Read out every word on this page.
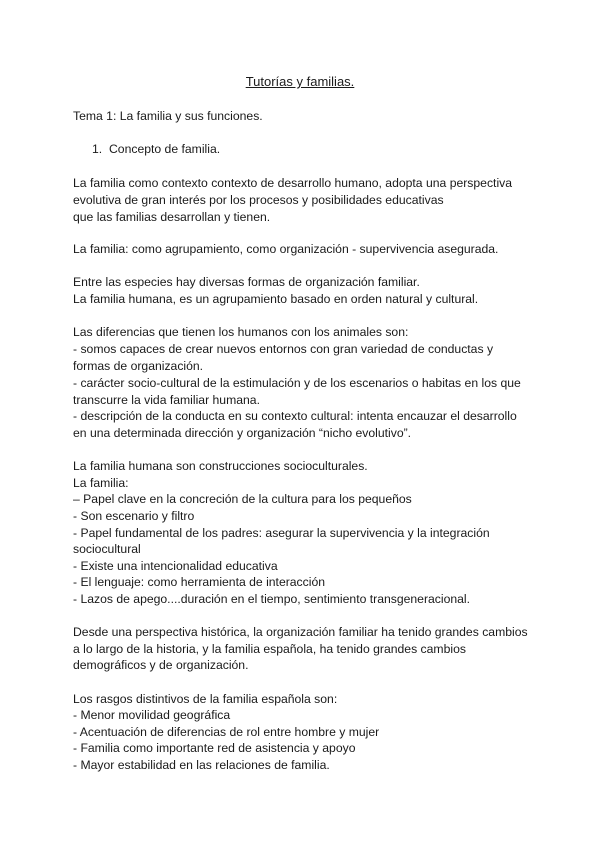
Tutorías y familias.

Tema 1: La familia y sus funciones.

1. Concepto de familia.

La familia como contexto contexto de desarrollo humano, adopta una perspectiva

evolutiva de gran interés por los procesos y posibilidades educativas

que las familias desarrollan y tienen.

La familia: como agrupamiento, como organización - supervivencia asegurada.

Entre las especies hay diversas formas de organización familiar.

La familia humana, es un agrupamiento basado en orden natural y cultural.

Las diferencias que tienen los humanos con los animales son:

- somos capaces de crear nuevos entornos con gran variedad de conductas y

formas de organización.

- carácter socio-cultural de la estimulación y de los escenarios o habitas en los que

transcurre la vida familiar humana.

- descripción de la conducta en su contexto cultural: intenta encauzar el desarrollo

en una determinada dirección y organización “nicho evolutivo”.

La familia humana son construcciones socioculturales.

La familia:

– Papel clave en la concreción de la cultura para los pequeños

- Son escenario y filtro

- Papel fundamental de los padres: asegurar la supervivencia y la integración

sociocultural

- Existe una intencionalidad educativa

- El lenguaje: como herramienta de interacción

- Lazos de apego....duración en el tiempo, sentimiento transgeneracional.

Desde una perspectiva histórica, la organización familiar ha tenido grandes cambios

a lo largo de la historia, y la familia española, ha tenido grandes cambios

demográficos y de organización.

Los rasgos distintivos de la familia española son:

- Menor movilidad geográfica

- Acentuación de diferencias de rol entre hombre y mujer

- Familia como importante red de asistencia y apoyo

- Mayor estabilidad en las relaciones de familia.
